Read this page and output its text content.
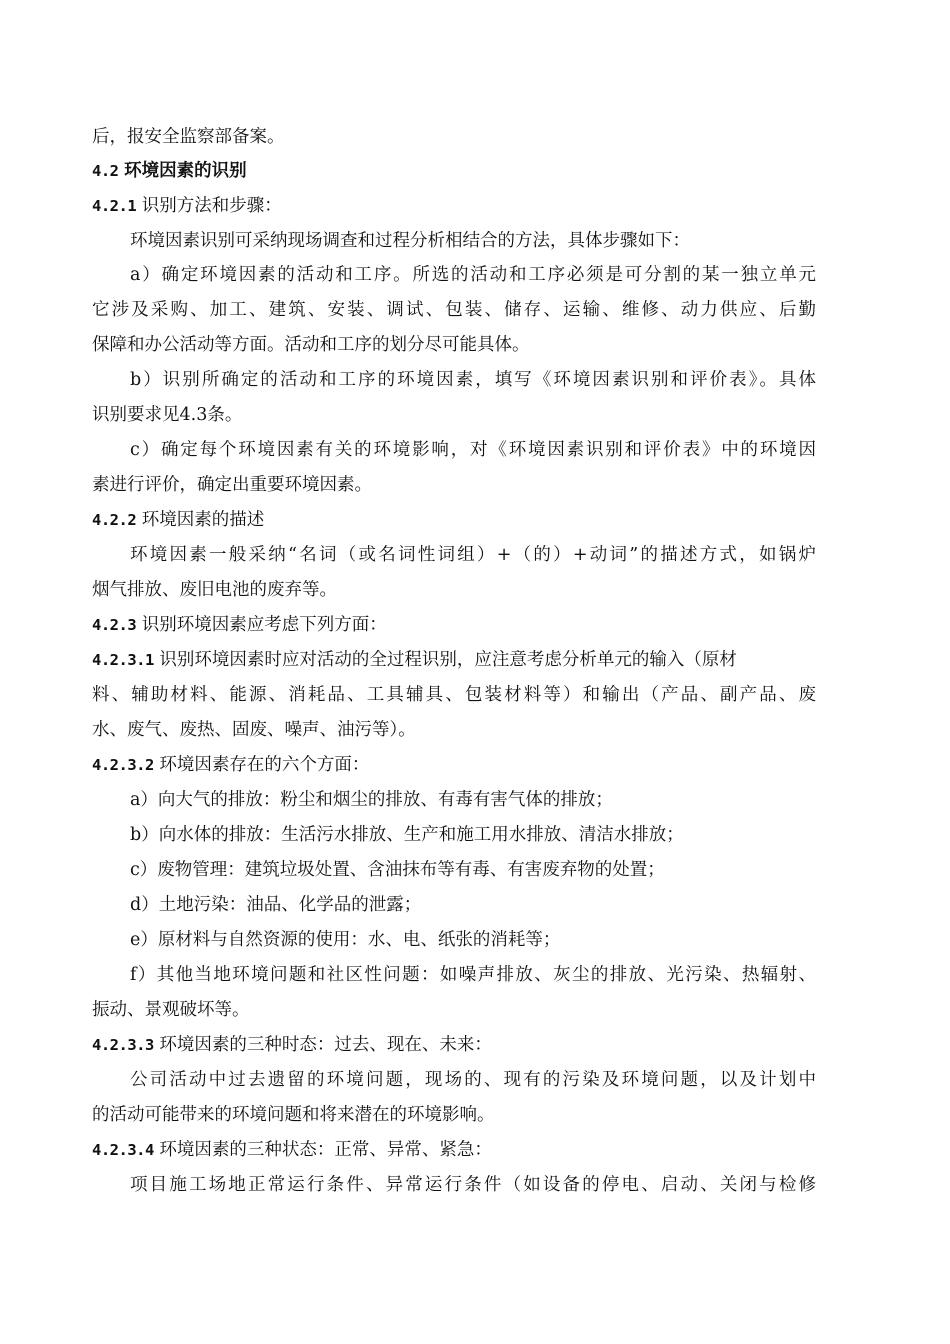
后，报安全监察部备案。
4.2 环境因素的识别
4.2.1 识别方法和步骤：
环境因素识别可采纳现场调查和过程分析相结合的方法，具体步骤如下：
a）确定环境因素的活动和工序。所选的活动和工序必须是可分割的某一独立单元
它涉及采购、加工、建筑、安装、调试、包装、储存、运输、维修、动力供应、后勤
保障和办公活动等方面。活动和工序的划分尽可能具体。
b）识别所确定的活动和工序的环境因素，填写《环境因素识别和评价表》。具体
识别要求见4.3条。
c）确定每个环境因素有关的环境影响，对《环境因素识别和评价表》中的环境因
素进行评价，确定出重要环境因素。
4.2.2 环境因素的描述
环境因素一般采纳“名词（或名词性词组）+（的）+动词”的描述方式，如锅炉
烟气排放、废旧电池的废弃等。
4.2.3 识别环境因素应考虑下列方面：
4.2.3.1 识别环境因素时应对活动的全过程识别，应注意考虑分析单元的输入（原材
料、辅助材料、能源、消耗品、工具辅具、包装材料等）和输出（产品、副产品、废
水、废气、废热、固废、噪声、油污等）。
4.2.3.2 环境因素存在的六个方面：
a）向大气的排放：粉尘和烟尘的排放、有毒有害气体的排放；
b）向水体的排放：生活污水排放、生产和施工用水排放、清洁水排放；
c）废物管理：建筑垃圾处置、含油抹布等有毒、有害废弃物的处置；
d）土地污染：油品、化学品的泄露；
e）原材料与自然资源的使用：水、电、纸张的消耗等；
f）其他当地环境问题和社区性问题：如噪声排放、灰尘的排放、光污染、热辐射、
振动、景观破坏等。
4.2.3.3 环境因素的三种时态：过去、现在、未来：
公司活动中过去遗留的环境问题，现场的、现有的污染及环境问题，以及计划中
的活动可能带来的环境问题和将来潜在的环境影响。
4.2.3.4 环境因素的三种状态：正常、异常、紧急：
项目施工场地正常运行条件、异常运行条件（如设备的停电、启动、关闭与检修
